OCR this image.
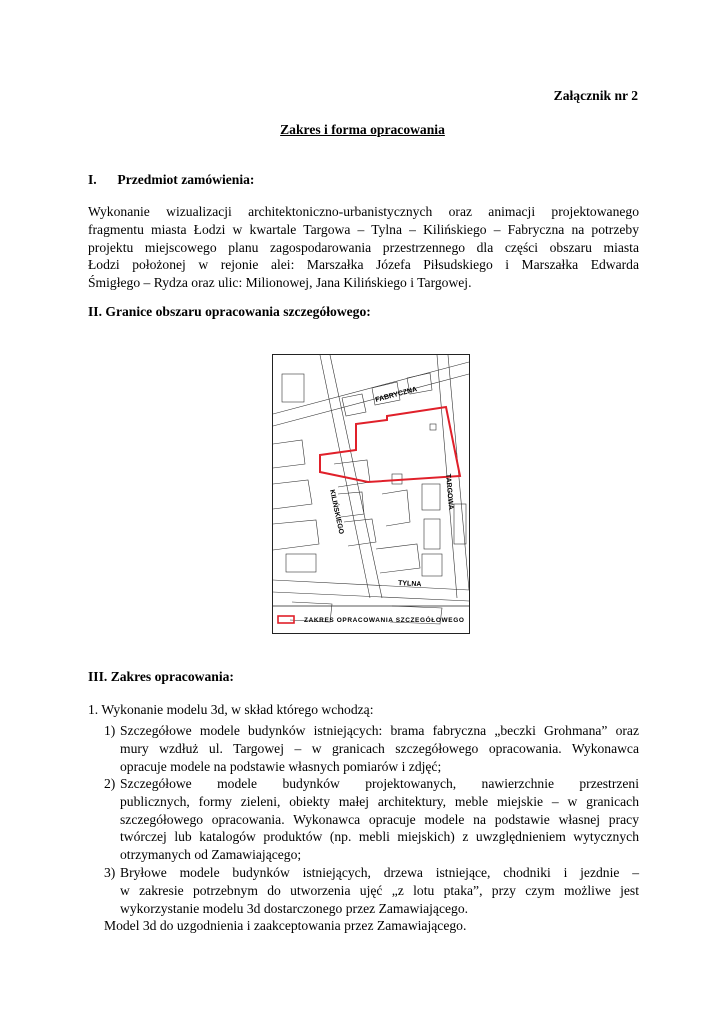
Załącznik nr 2
Zakres i forma opracowania
I. Przedmiot zamówienia:
Wykonanie wizualizacji architektoniczno-urbanistycznych oraz animacji projektowanego
fragmentu miasta Łodzi w kwartale Targowa – Tylna – Kilińskiego – Fabryczna na potrzeby
projektu miejscowego planu zagospodarowania przestrzennego dla części obszaru miasta
Łodzi położonej w rejonie alei: Marszałka Józefa Piłsudskiego i Marszałka Edwarda
Śmigłego – Rydza oraz ulic: Milionowej, Jana Kilińskiego i Targowej.
II. Granice obszaru opracowania szczegółowego:
FABRYCZNA
KILIŃSKIEGO	TARGOWA
TYLNA
ZAKRES OPRACOWANIA SZCZEGÓŁOWEGO
III. Zakres opracowania:
1. Wykonanie modelu 3d, w skład którego wchodzą:
1) Szczegółowe modele budynków istniejących: brama fabryczna „beczki Grohmana” oraz
mury wzdłuż ul. Targowej – w granicach szczegółowego opracowania. Wykonawca
opracuje modele na podstawie własnych pomiarów i zdjęć;
2) Szczegółowe modele budynków projektowanych, nawierzchnie przestrzeni
publicznych, formy zieleni, obiekty małej architektury, meble miejskie – w granicach
szczegółowego opracowania. Wykonawca opracuje modele na podstawie własnej pracy
twórczej lub katalogów produktów (np. mebli miejskich) z uwzględnieniem wytycznych
otrzymanych od Zamawiającego;
3) Bryłowe modele budynków istniejących, drzewa istniejące, chodniki i jezdnie –
w zakresie potrzebnym do utworzenia ujęć „z lotu ptaka”, przy czym możliwe jest
wykorzystanie modelu 3d dostarczonego przez Zamawiającego.
Model 3d do uzgodnienia i zaakceptowania przez Zamawiającego.
